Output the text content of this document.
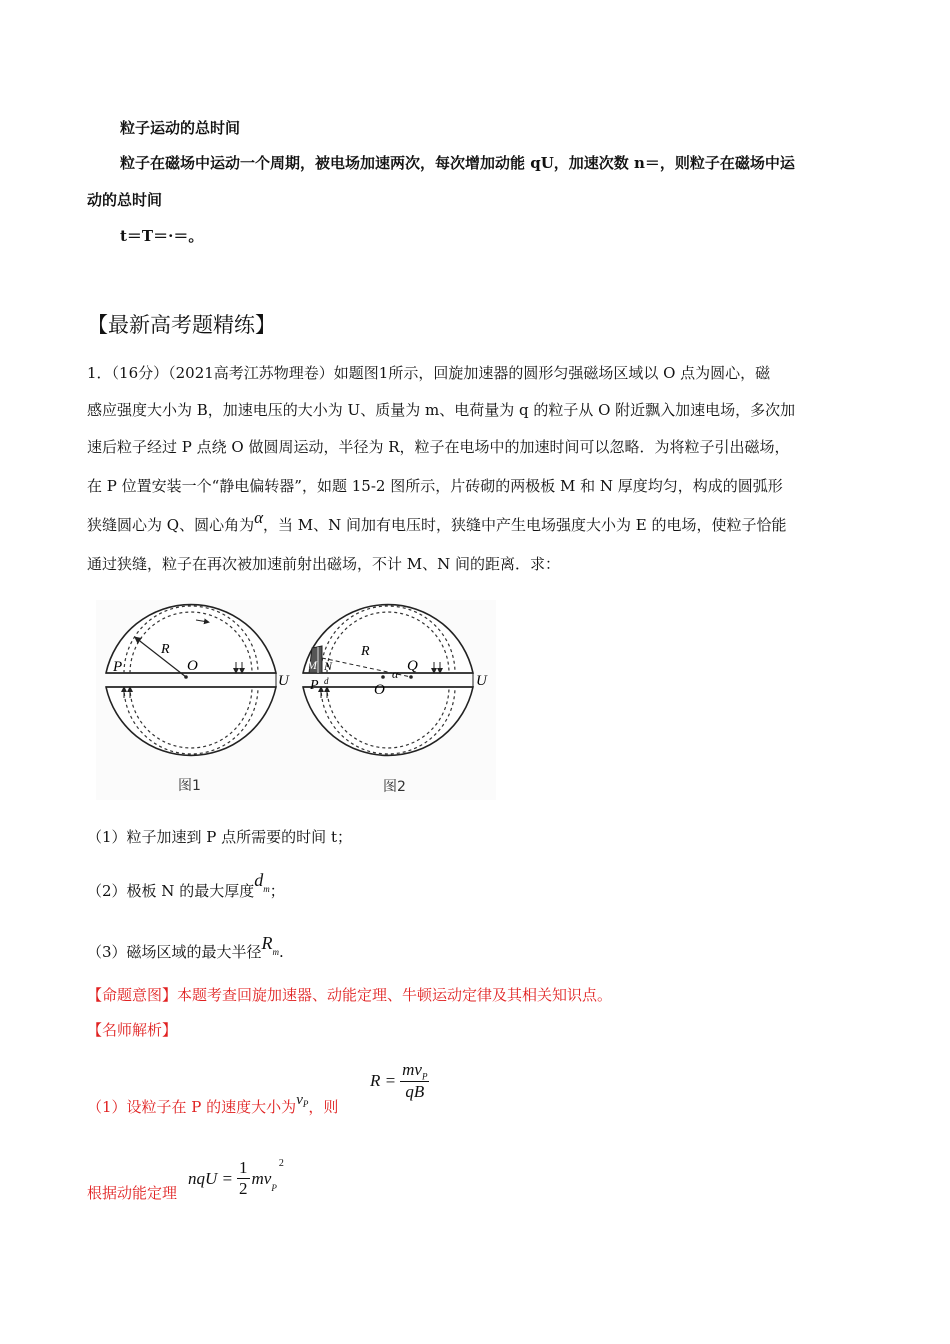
粒子运动的总时间
粒子在磁场中运动一个周期，被电场加速两次，每次增加动能 qU，加速次数 n＝，则粒子在磁场中运
动的总时间
t＝T＝·＝。
【最新高考题精练】
1．（16分）（2021高考江苏物理卷）如题图1所示，回旋加速器的圆形匀强磁场区域以 O 点为圆心，磁
感应强度大小为 B，加速电压的大小为 U、质量为 m、电荷量为 q 的粒子从 O 附近飘入加速电场，多次加
速后粒子经过 P 点绕 O 做圆周运动，半径为 R，粒子在电场中的加速时间可以忽略．为将粒子引出磁场，
在 P 位置安装一个“静电偏转器”，如题 15-2 图所示，片砖砌的两极板 M 和 N 厚度均匀，构成的圆弧形
狭缝圆心为 Q、圆心角为α，当 M、N 间加有电压时，狭缝中产生电场强度大小为 E 的电场，使粒子恰能
通过狭缝，粒子在再次被加速前射出磁场，不计 M、N 间的距离．求：
R
O
P
U
图1
R
Q
O
α
M N
P d	U
图2
（1）粒子加速到 P 点所需要的时间 t；
（2）极板 N 的最大厚度$d^m$；
（3）磁场区域的最大半径Rm.
【命题意图】本题考查回旋加速器、动能定理、牛顿运动定律及其相关知识点。
【名师解析】
（1）设粒子在 P 的速度大小为$v^P$，则
$R = \frac{mv_P}{qB}$
根据动能定理
nqU = $\frac{1}{2}$ mv
$_P$
2
